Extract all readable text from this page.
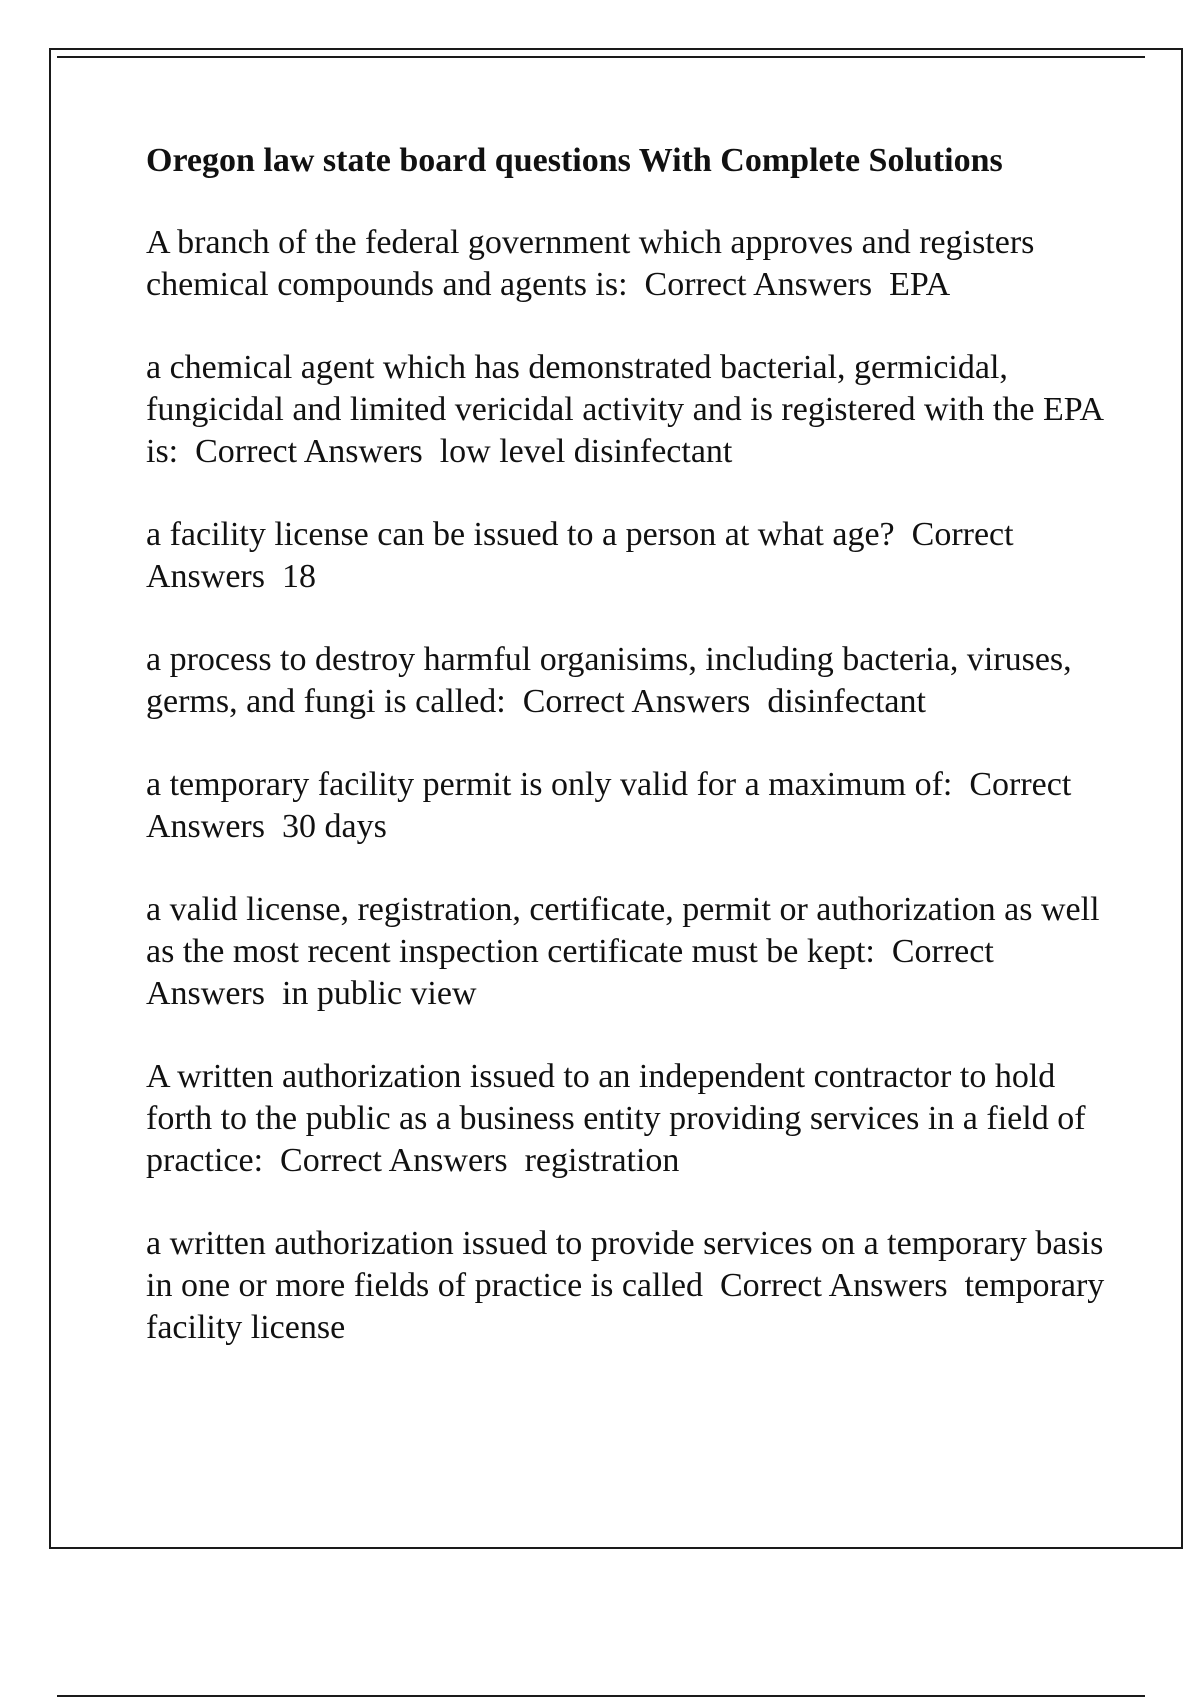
Oregon law state board questions With Complete Solutions
A branch of the federal government which approves and registers chemical compounds and agents is: Correct Answers EPA
a chemical agent which has demonstrated bacterial, germicidal, fungicidal and limited vericidal activity and is registered with the EPA is: Correct Answers low level disinfectant
a facility license can be issued to a person at what age? Correct Answers 18
a process to destroy harmful organisims, including bacteria, viruses, germs, and fungi is called: Correct Answers disinfectant
a temporary facility permit is only valid for a maximum of: Correct Answers 30 days
a valid license, registration, certificate, permit or authorization as well as the most recent inspection certificate must be kept: Correct Answers in public view
A written authorization issued to an independent contractor to hold forth to the public as a business entity providing services in a field of practice: Correct Answers registration
a written authorization issued to provide services on a temporary basis in one or more fields of practice is called Correct Answers temporary facility license
